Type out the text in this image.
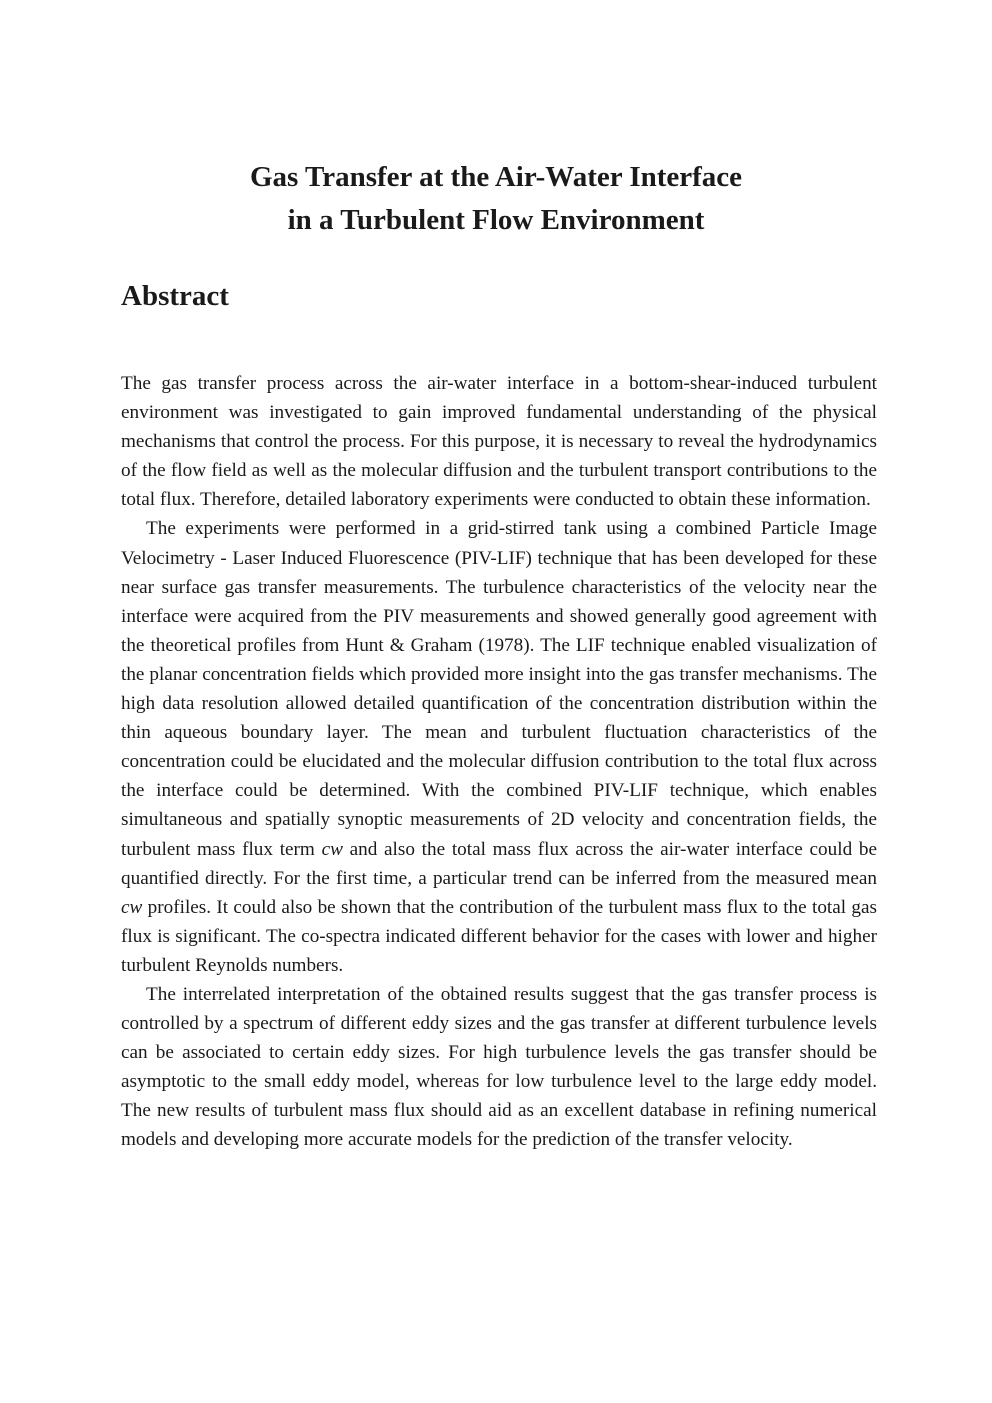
Gas Transfer at the Air-Water Interface
in a Turbulent Flow Environment
Abstract

The gas transfer process across the air-water interface in a bottom-shear-induced turbulent environment was investigated to gain improved fundamental understanding of the physical mechanisms that control the process. For this purpose, it is necessary to reveal the hydrodynamics of the flow field as well as the molecular diffusion and the turbulent transport contributions to the total flux. Therefore, detailed laboratory experiments were conducted to obtain these information.

The experiments were performed in a grid-stirred tank using a combined Particle Image Velocimetry - Laser Induced Fluorescence (PIV-LIF) technique that has been developed for these near surface gas transfer measurements. The turbulence characteristics of the velocity near the interface were acquired from the PIV measurements and showed generally good agreement with the theoretical profiles from Hunt & Graham (1978). The LIF technique enabled visualization of the planar concentration fields which provided more insight into the gas transfer mechanisms. The high data resolution allowed detailed quantification of the concentration distribution within the thin aqueous boundary layer. The mean and turbulent fluctuation characteristics of the concentration could be elucidated and the molecular diffusion contribution to the total flux across the interface could be determined. With the combined PIV-LIF technique, which enables simultaneous and spatially synoptic measurements of 2D velocity and concentration fields, the turbulent mass flux term cw and also the total mass flux across the air-water interface could be quantified directly. For the first time, a particular trend can be inferred from the measured mean cw profiles. It could also be shown that the contribution of the turbulent mass flux to the total gas flux is significant. The co-spectra indicated different behavior for the cases with lower and higher turbulent Reynolds numbers.

The interrelated interpretation of the obtained results suggest that the gas transfer process is controlled by a spectrum of different eddy sizes and the gas transfer at different turbulence levels can be associated to certain eddy sizes. For high turbulence levels the gas transfer should be asymptotic to the small eddy model, whereas for low turbulence level to the large eddy model. The new results of turbulent mass flux should aid as an excellent database in refining numerical models and developing more accurate models for the prediction of the transfer velocity.
